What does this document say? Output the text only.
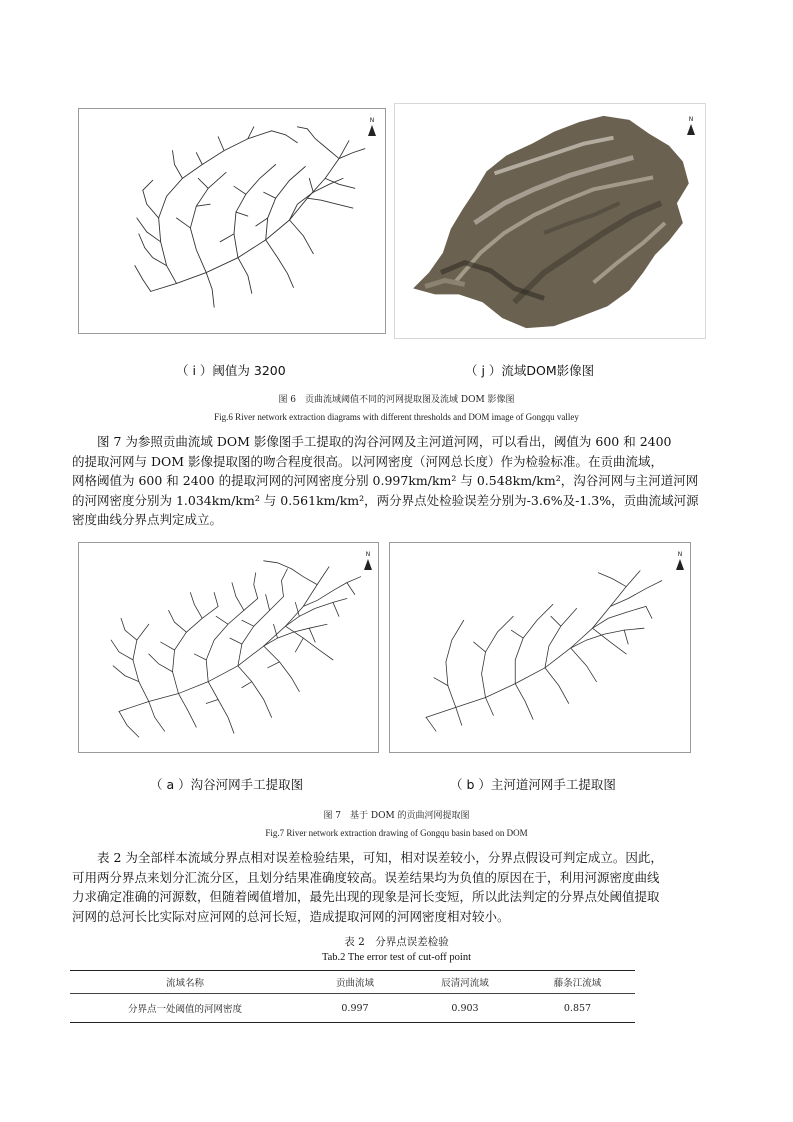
N	N
（ i ）阈值为 3200	（ j ）流域DOM影像图
图 6　贡曲流域阈值不同的河网提取图及流域 DOM 影像图
Fig.6 River network extraction diagrams with different thresholds and DOM image of Gongqu valley
　　图 7 为参照贡曲流域 DOM 影像图手工提取的沟谷河网及主河道河网，可以看出，阈值为 600 和 2400
的提取河网与 DOM 影像提取图的吻合程度很高。以河网密度（河网总长度）作为检验标准。在贡曲流域，
网格阈值为 600 和 2400 的提取河网的河网密度分别 0.997km/km² 与 0.548km/km²，沟谷河网与主河道河网
的河网密度分别为 1.034km/km² 与 0.561km/km²，两分界点处检验误差分别为-3.6%及-1.3%，贡曲流域河源
密度曲线分界点判定成立。
N	N
（ a ）沟谷河网手工提取图	（ b ）主河道河网手工提取图
图 7　基于 DOM 的贡曲河网提取图
Fig.7 River network extraction drawing of Gongqu basin based on DOM
　　表 2 为全部样本流域分界点相对误差检验结果，可知，相对误差较小，分界点假设可判定成立。因此，
可用两分界点来划分汇流分区，且划分结果准确度较高。误差结果均为负值的原因在于，利用河源密度曲线
力求确定准确的河源数，但随着阈值增加，最先出现的现象是河长变短，所以此法判定的分界点处阈值提取
河网的总河长比实际对应河网的总河长短，造成提取河网的河网密度相对较小。
表 2　分界点误差检验
Tab.2 The error test of cut-off point
流域名称	贡曲流域	辰清河流域	藤条江流域
分界点一处阈值的河网密度	0.997	0.903	0.857
